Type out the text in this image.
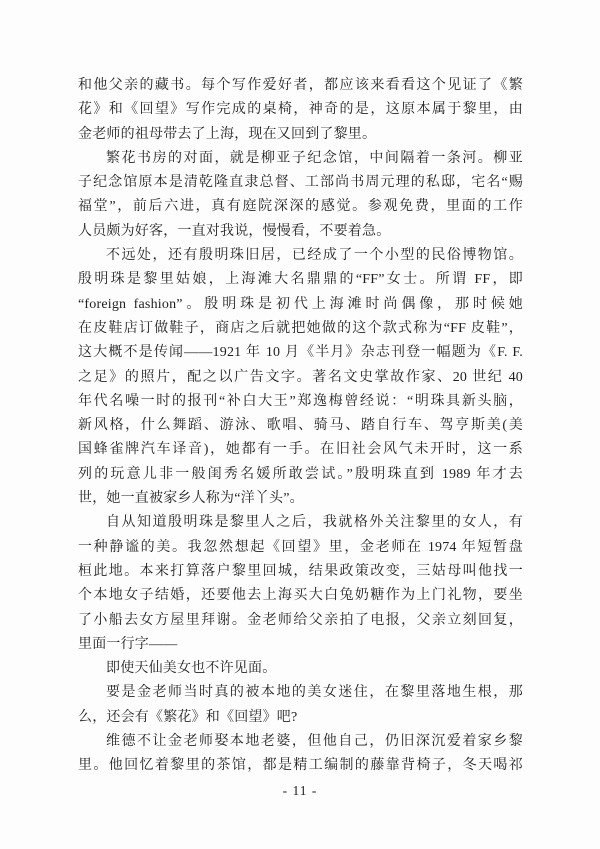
和他父亲的藏书。每个写作爱好者，都应该来看看这个见证了《繁
花》和《回望》写作完成的桌椅，神奇的是，这原本属于黎里，由
金老师的祖母带去了上海，现在又回到了黎里。
繁花书房的对面，就是柳亚子纪念馆，中间隔着一条河。柳亚
子纪念馆原本是清乾隆直隶总督、工部尚书周元理的私邸，宅名“赐
福堂”，前后六进，真有庭院深深的感觉。参观免费，里面的工作
人员颇为好客，一直对我说，慢慢看，不要着急。
不远处，还有殷明珠旧居，已经成了一个小型的民俗博物馆。
殷明珠是黎里姑娘，上海滩大名鼎鼎的“FF”女士。所谓 FF，即
“foreign fashion”。殷明珠是初代上海滩时尚偶像，那时候她
在皮鞋店订做鞋子，商店之后就把她做的这个款式称为“FF 皮鞋”，
这大概不是传闻——1921 年 10 月《半月》杂志刊登一幅题为《F. F.
之足》的照片，配之以广告文字。著名文史掌故作家、20 世纪 40
年代名噪一时的报刊“补白大王”郑逸梅曾经说：“明珠具新头脑，
新风格，什么舞蹈、游泳、歌唱、骑马、踏自行车、驾亨斯美(美
国蜂雀牌汽车译音)，她都有一手。在旧社会风气未开时，这一系
列的玩意儿非一般闺秀名媛所敢尝试。”殷明珠直到 1989 年才去
世，她一直被家乡人称为“洋丫头”。
自从知道殷明珠是黎里人之后，我就格外关注黎里的女人，有
一种静谧的美。我忽然想起《回望》里，金老师在 1974 年短暂盘
桓此地。本来打算落户黎里回城，结果政策改变，三姑母叫他找一
个本地女子结婚，还要他去上海买大白兔奶糖作为上门礼物，要坐
了小船去女方屋里拜谢。金老师给父亲拍了电报，父亲立刻回复，
里面一行字——
即使天仙美女也不许见面。
要是金老师当时真的被本地的美女迷住，在黎里落地生根，那
么，还会有《繁花》和《回望》吧?
维德不让金老师娶本地老婆，但他自己，仍旧深沉爱着家乡黎
里。他回忆着黎里的茶馆，都是精工编制的藤靠背椅子，冬天喝祁
- 11 -
